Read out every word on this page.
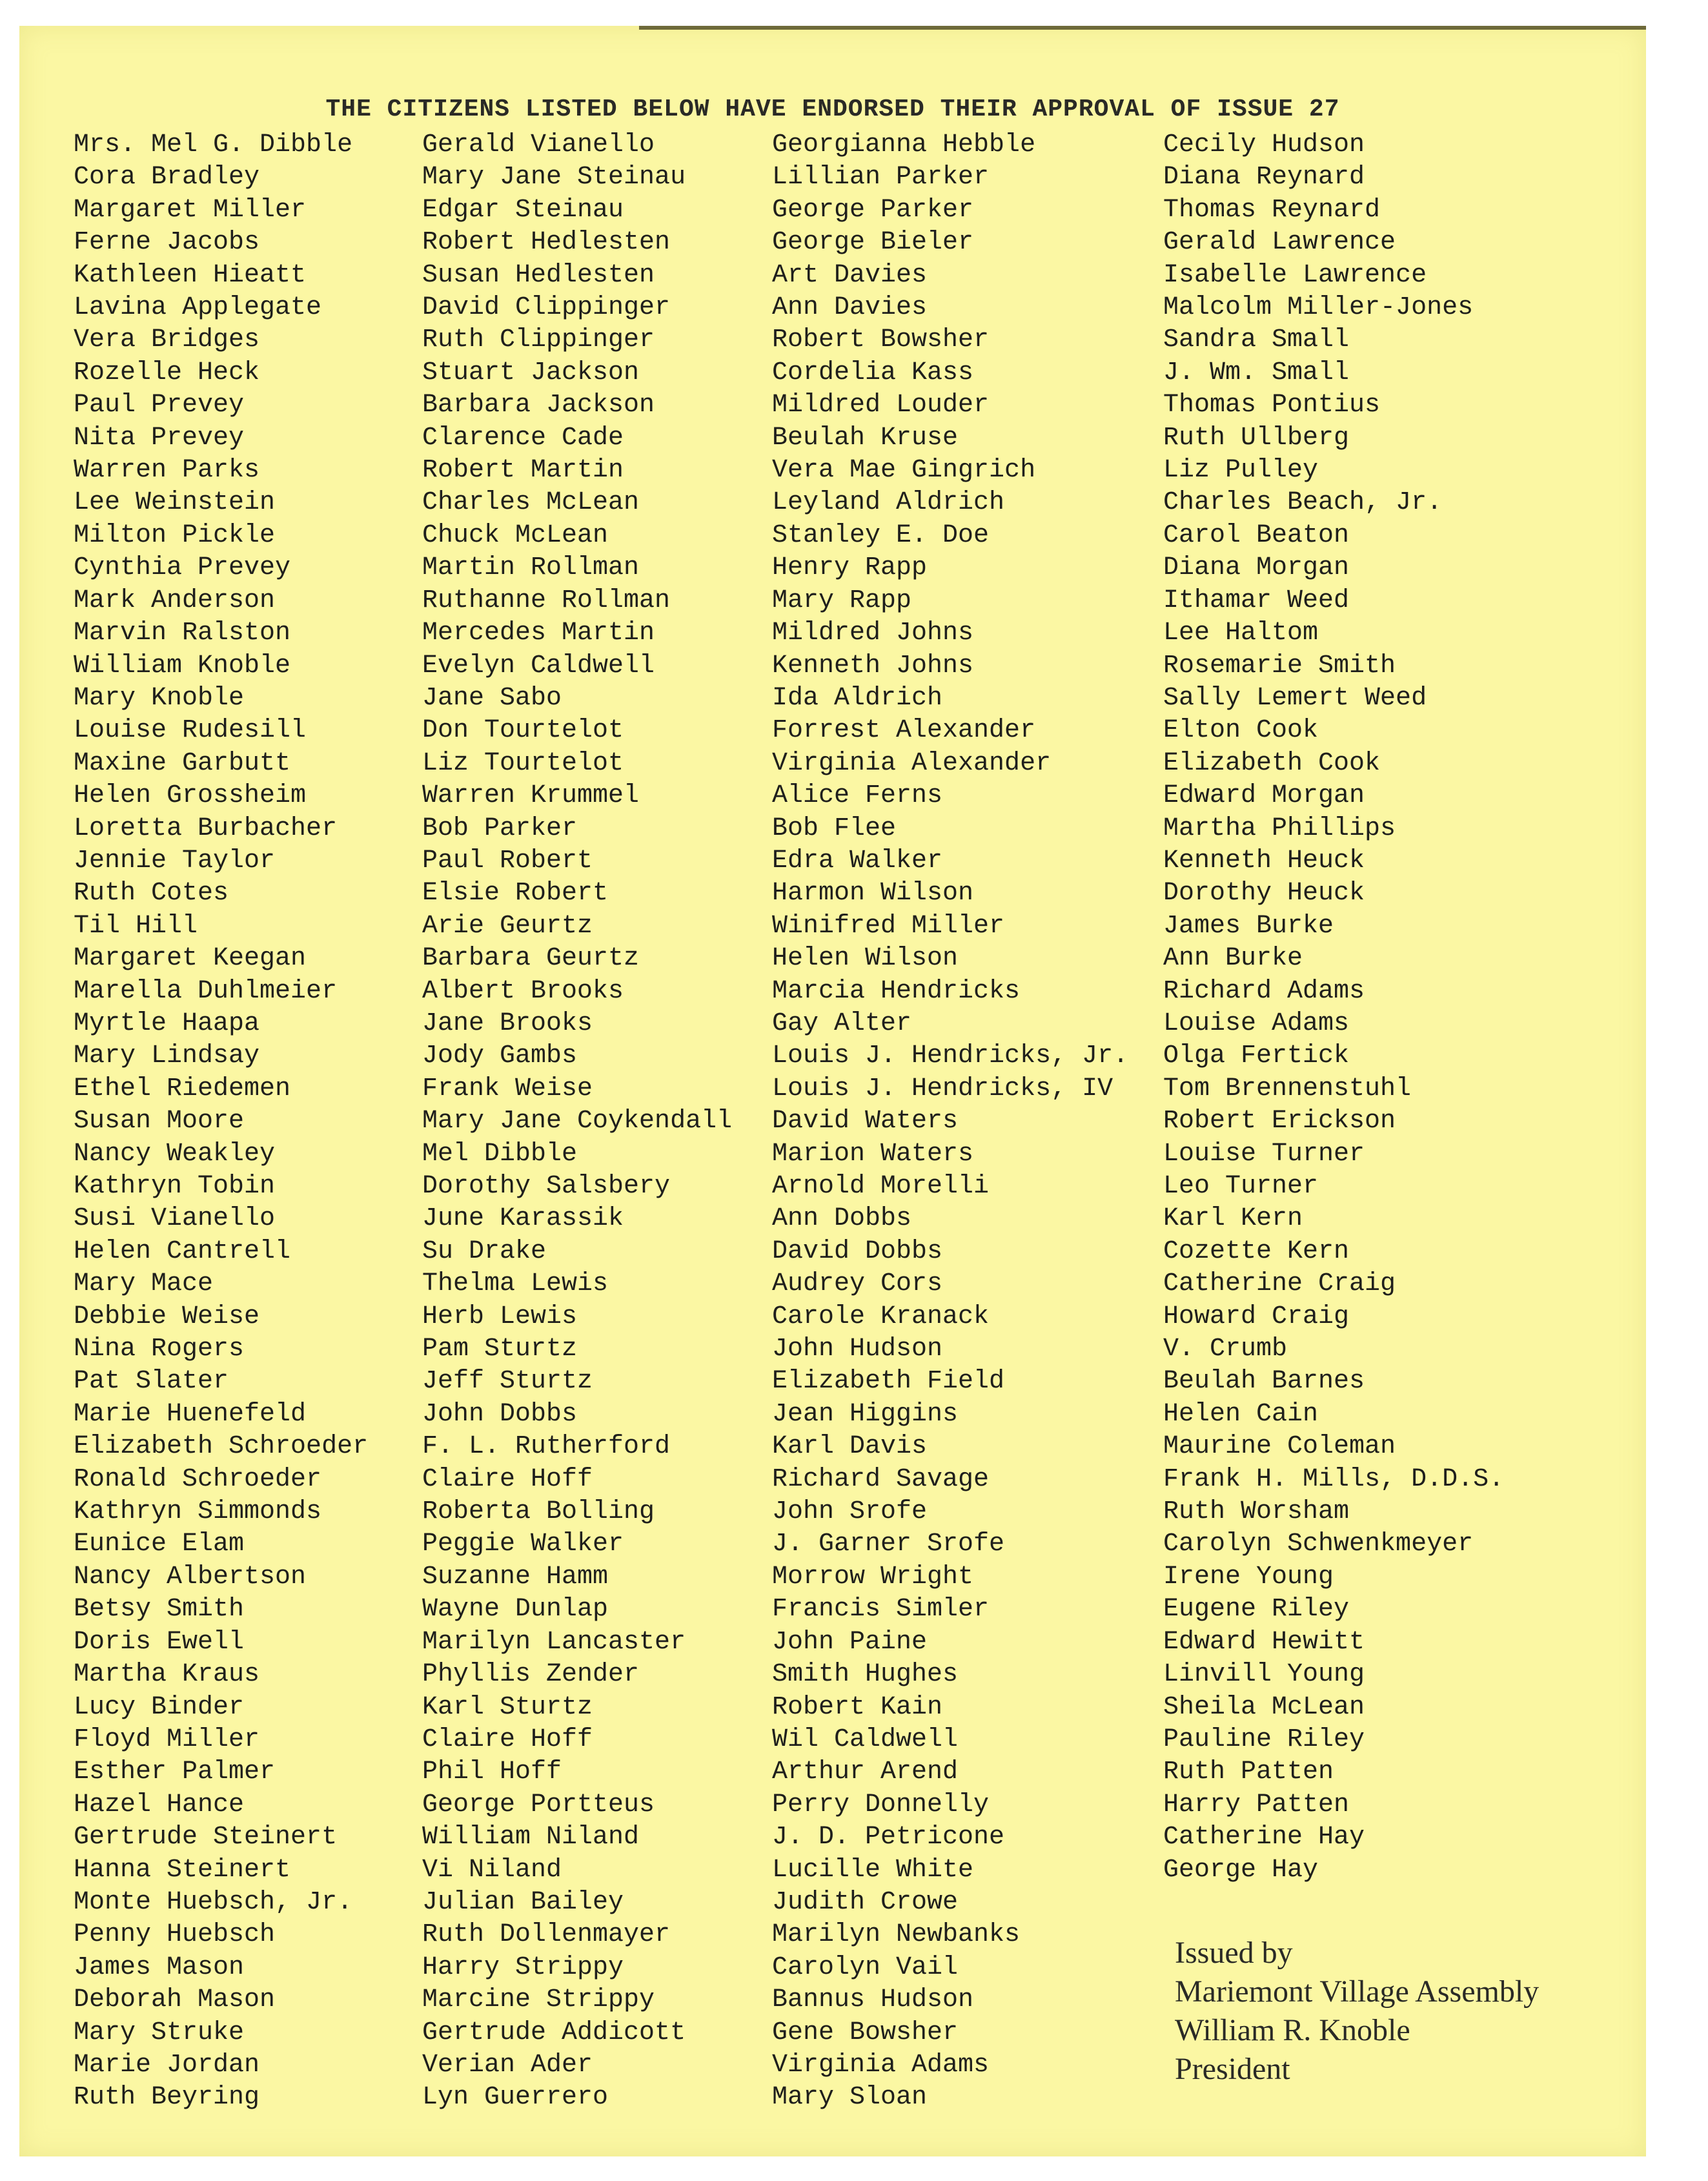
THE CITIZENS LISTED BELOW HAVE ENDORSED THEIR APPROVAL OF ISSUE 27
Mrs. Mel G. Dibble
Cora Bradley
Margaret Miller
Ferne Jacobs
Kathleen Hieatt
Lavina Applegate
Vera Bridges
Rozelle Heck
Paul Prevey
Nita Prevey
Warren Parks
Lee Weinstein
Milton Pickle
Cynthia Prevey
Mark Anderson
Marvin Ralston
William Knoble
Mary Knoble
Louise Rudesill
Maxine Garbutt
Helen Grossheim
Loretta Burbacher
Jennie Taylor
Ruth Cotes
Til Hill
Margaret Keegan
Marella Duhlmeier
Myrtle Haapa
Mary Lindsay
Ethel Riedemen
Susan Moore
Nancy Weakley
Kathryn Tobin
Susi Vianello
Helen Cantrell
Mary Mace
Debbie Weise
Nina Rogers
Pat Slater
Marie Huenefeld
Elizabeth Schroeder
Ronald Schroeder
Kathryn Simmonds
Eunice Elam
Nancy Albertson
Betsy Smith
Doris Ewell
Martha Kraus
Lucy Binder
Floyd Miller
Esther Palmer
Hazel Hance
Gertrude Steinert
Hanna Steinert
Monte Huebsch, Jr.
Penny Huebsch
James Mason
Deborah Mason
Mary Struke
Marie Jordan
Ruth Beyring
Gerald Vianello
Mary Jane Steinau
Edgar Steinau
Robert Hedlesten
Susan Hedlesten
David Clippinger
Ruth Clippinger
Stuart Jackson
Barbara Jackson
Clarence Cade
Robert Martin
Charles McLean
Chuck McLean
Martin Rollman
Ruthanne Rollman
Mercedes Martin
Evelyn Caldwell
Jane Sabo
Don Tourtelot
Liz Tourtelot
Warren Krummel
Bob Parker
Paul Robert
Elsie Robert
Arie Geurtz
Barbara Geurtz
Albert Brooks
Jane Brooks
Jody Gambs
Frank Weise
Mary Jane Coykendall
Mel Dibble
Dorothy Salsbery
June Karassik
Su Drake
Thelma Lewis
Herb Lewis
Pam Sturtz
Jeff Sturtz
John Dobbs
F. L. Rutherford
Claire Hoff
Roberta Bolling
Peggie Walker
Suzanne Hamm
Wayne Dunlap
Marilyn Lancaster
Phyllis Zender
Karl Sturtz
Claire Hoff
Phil Hoff
George Portteus
William Niland
Vi Niland
Julian Bailey
Ruth Dollenmayer
Harry Strippy
Marcine Strippy
Gertrude Addicott
Verian Ader
Lyn Guerrero
Georgianna Hebble
Lillian Parker
George Parker
George Bieler
Art Davies
Ann Davies
Robert Bowsher
Cordelia Kass
Mildred Louder
Beulah Kruse
Vera Mae Gingrich
Leyland Aldrich
Stanley E. Doe
Henry Rapp
Mary Rapp
Mildred Johns
Kenneth Johns
Ida Aldrich
Forrest Alexander
Virginia Alexander
Alice Ferns
Bob Flee
Edra Walker
Harmon Wilson
Winifred Miller
Helen Wilson
Marcia Hendricks
Gay Alter
Louis J. Hendricks, Jr.
Louis J. Hendricks, IV
David Waters
Marion Waters
Arnold Morelli
Ann Dobbs
David Dobbs
Audrey Cors
Carole Kranack
John Hudson
Elizabeth Field
Jean Higgins
Karl Davis
Richard Savage
John Srofe
J. Garner Srofe
Morrow Wright
Francis Simler
John Paine
Smith Hughes
Robert Kain
Wil Caldwell
Arthur Arend
Perry Donnelly
J. D. Petricone
Lucille White
Judith Crowe
Marilyn Newbanks
Carolyn Vail
Bannus Hudson
Gene Bowsher
Virginia Adams
Mary Sloan
Cecily Hudson
Diana Reynard
Thomas Reynard
Gerald Lawrence
Isabelle Lawrence
Malcolm Miller-Jones
Sandra Small
J. Wm. Small
Thomas Pontius
Ruth Ullberg
Liz Pulley
Charles Beach, Jr.
Carol Beaton
Diana Morgan
Ithamar Weed
Lee Haltom
Rosemarie Smith
Sally Lemert Weed
Elton Cook
Elizabeth Cook
Edward Morgan
Martha Phillips
Kenneth Heuck
Dorothy Heuck
James Burke
Ann Burke
Richard Adams
Louise Adams
Olga Fertick
Tom Brennenstuhl
Robert Erickson
Louise Turner
Leo Turner
Karl Kern
Cozette Kern
Catherine Craig
Howard Craig
V. Crumb
Beulah Barnes
Helen Cain
Maurine Coleman
Frank H. Mills, D.D.S.
Ruth Worsham
Carolyn Schwenkmeyer
Irene Young
Eugene Riley
Edward Hewitt
Linvill Young
Sheila McLean
Pauline Riley
Ruth Patten
Harry Patten
Catherine Hay
George Hay
Issued by
Mariemont Village Assembly
William R. Knoble
President
